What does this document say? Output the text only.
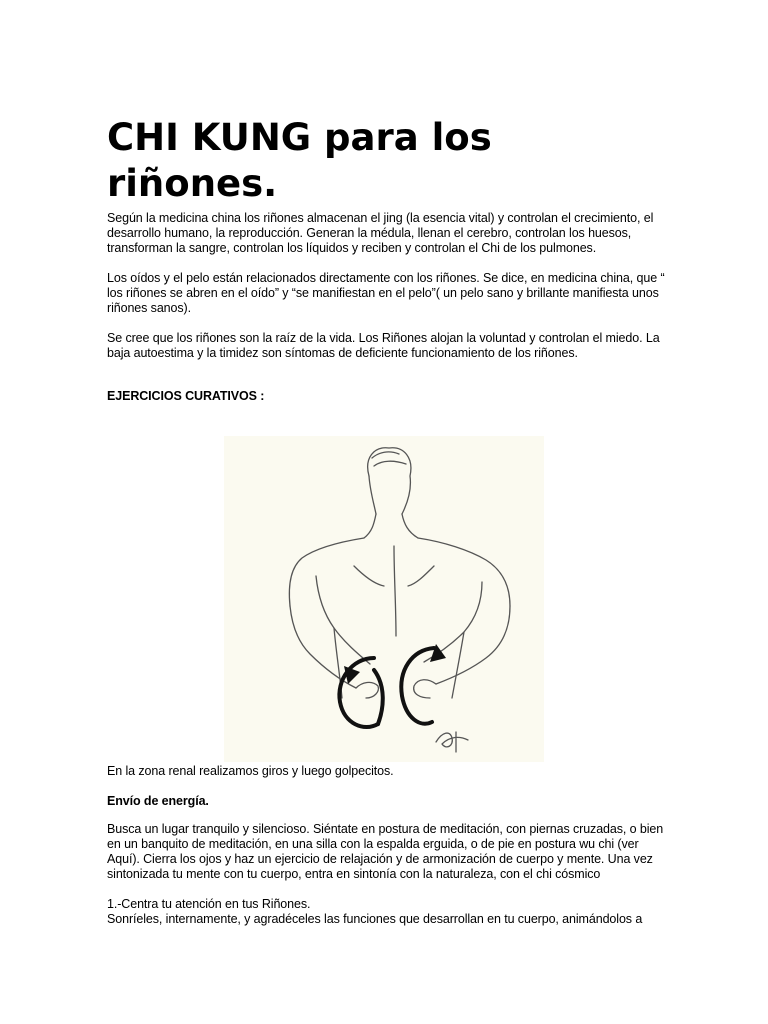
CHI KUNG para los riñones.

Según la medicina china los riñones almacenan el jing (la esencia vital) y controlan el crecimiento, el desarrollo humano, la reproducción. Generan la médula, llenan el cerebro, controlan los huesos, transforman la sangre, controlan los líquidos y reciben y controlan el Chi de los pulmones.

Los oídos y el pelo están relacionados directamente con los riñones. Se dice, en medicina china, que “ los riñones se abren en el oído” y “se manifiestan en el pelo”( un pelo sano y brillante manifiesta unos riñones sanos).

Se cree que los riñones son la raíz de la vida. Los Riñones alojan la voluntad y controlan el miedo. La baja autoestima y la timidez son síntomas de deficiente funcionamiento de los riñones.

EJERCICIOS CURATIVOS :

En la zona renal realizamos giros y luego golpecitos.

Envío de energía.

Busca un lugar tranquilo y silencioso. Siéntate en postura de meditación, con piernas cruzadas, o bien en un banquito de meditación, en una silla con la espalda erguida, o de pie en postura wu chi (ver Aquí). Cierra los ojos y haz un ejercicio de relajación y de armonización de cuerpo y mente. Una vez sintonizada tu mente con tu cuerpo, entra en sintonía con la naturaleza, con el chi cósmico

1.-Centra tu atención en tus Riñones.

Sonríeles, internamente, y agradéceles las funciones que desarrollan en tu cuerpo, animándolos a
